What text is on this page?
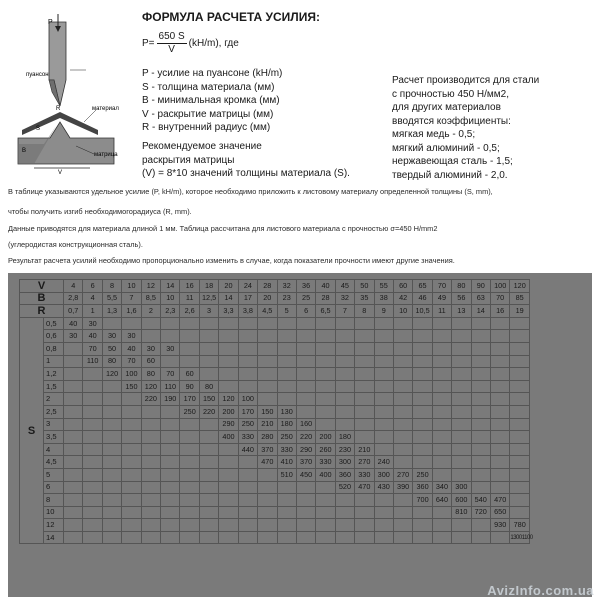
P
пуансон
материал
матрица
R
S
V
B
ФОРМУЛА РАСЧЕТА УСИЛИЯ:
$P= \frac{650 S}{V} (kH/m)$, где
P - усилие на пуансоне (kH/m)
S - толщина материала (мм)
B - минимальная кромка (мм)
V - раскрытие матрицы (мм)
R - внутренний радиус (мм)
Рекомендуемое значение
раскрытия матрицы
(V) = 8*10 значений толщины материала (S).
Расчет производится для стали
с прочностью 450 Н/мм2,
для других материалов
вводятся коэффициенты:
мягкая медь - 0,5;
мягкий алюминий - 0,5;
нержавеющая сталь - 1,5;
твердый алюминий - 2,0.
В таблице указываются удельное усилие (P, kH/m), которое необходимо приложить к листовому материалу определенной толщины (S, mm),
чтобы получить изгиб необходимогорадиуса (R, mm).
Данные приводятся для материала длиной 1 мм. Таблица рассчитана для листового материала с прочностью σ=450 H/mm2
(углеродистая конструкционная сталь).
Результат расчета усилий необходимо пропорционально изменить в случае, когда показатели прочности имеют другие значения.
V		4	6	8	10	12	14	16	18	20	24	28	32	36	40	45	50	55	60	65	70	80	90	100	120
B		2,8	4	5,5	7	8,5	10	11	12,5	14	17	20	23	25	28	32	35	38	42	46	49	56	63	70	85
R		0,7	1	1,3	1,6	2	2,3	2,6	3	3,3	3,8	4,5	5	6	6,5	7	8	9	10	10,5	11	13	14	16	19
S	0,5	40	30																						
	0,6	30	40	30	30																				
	0,8		70	50	40	30	30																		
	1		110	80	70	60																			
	1,2			120	100	80	70	60																	
	1,5				150	120	110	90	80																
	2					220	190	170	150	120	100														
	2,5							250	220	200	170	150	130												
	3									290	250	210	180	160											
	3,5									400	330	280	250	220	200	180									
	4										440	370	330	290	260	230	210								
	4,5											470	410	370	330	300	270	240							
	5												510	450	400	360	330	300	270	250					
	6															520	470	430	390	360	340	300			
	8																			700	640	600	540	470	
	10																					810	720	650	
	12																							930	780
	14																								13001100
AvizInfo.com.ua
